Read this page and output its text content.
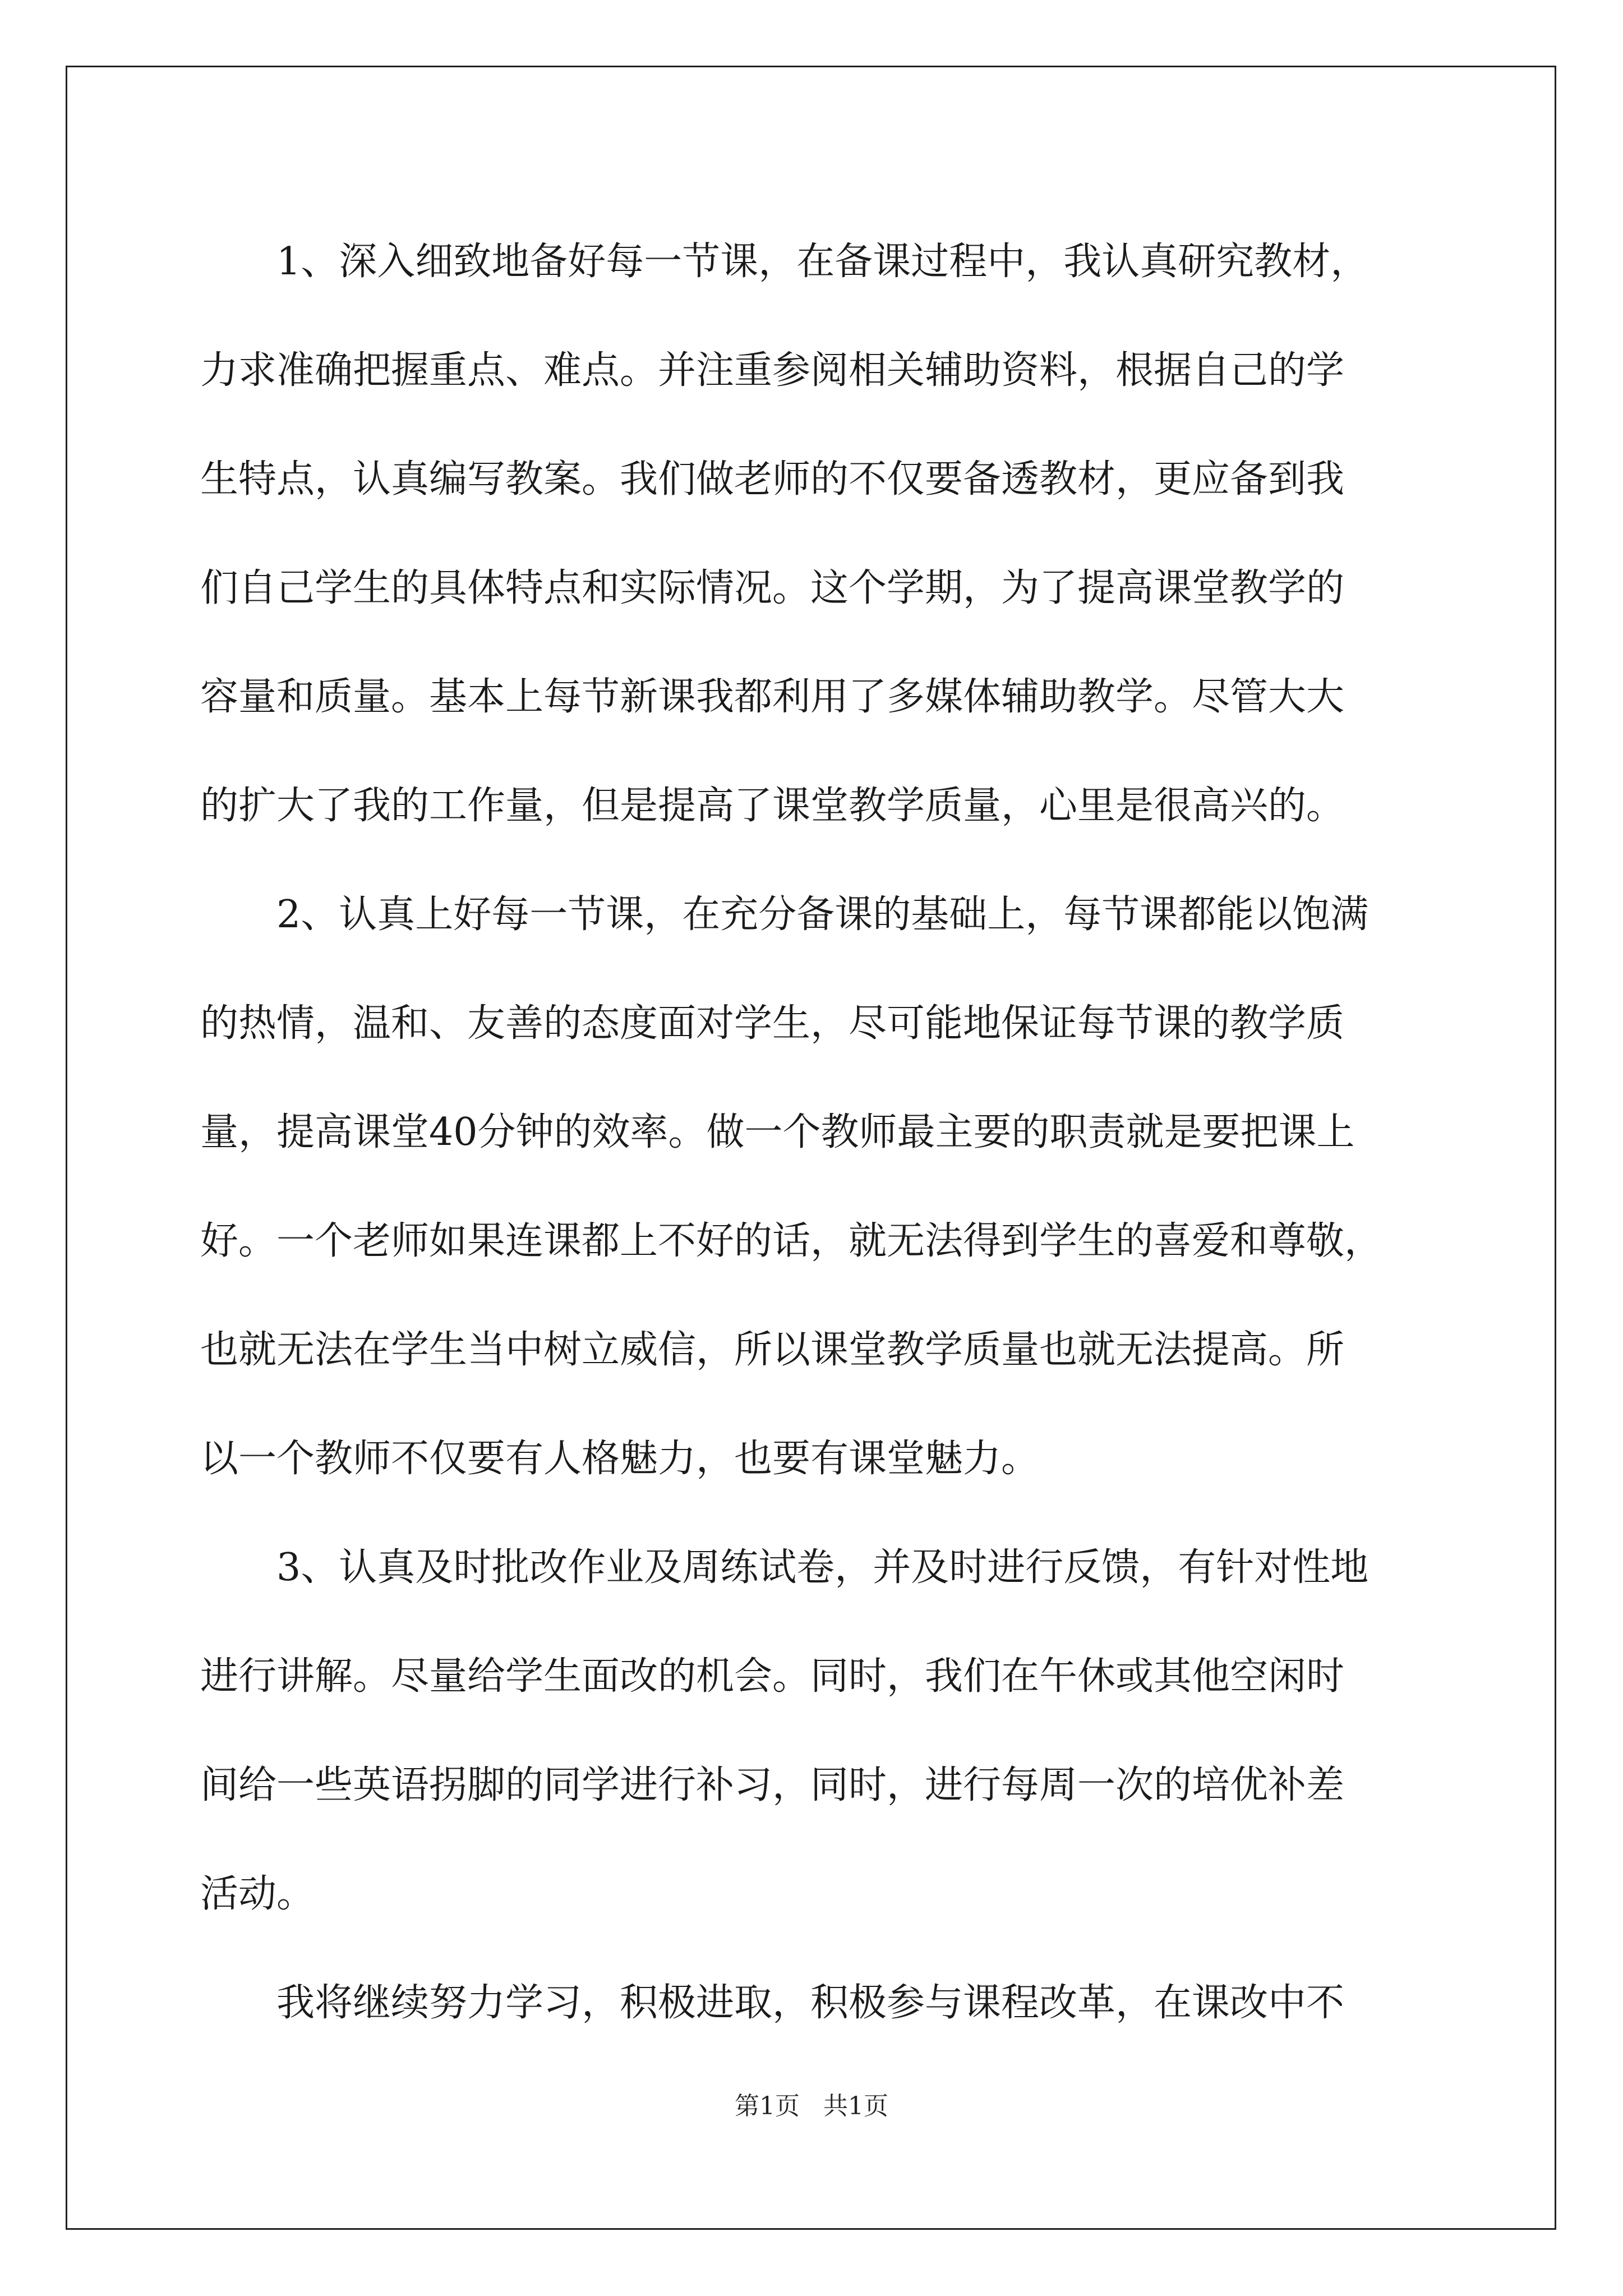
1、深入细致地备好每一节课，在备课过程中，我认真研究教材，
力求准确把握重点、难点。并注重参阅相关辅助资料，根据自己的学
生特点，认真编写教案。我们做老师的不仅要备透教材，更应备到我
们自己学生的具体特点和实际情况。这个学期，为了提高课堂教学的
容量和质量。基本上每节新课我都利用了多媒体辅助教学。尽管大大
的扩大了我的工作量，但是提高了课堂教学质量，心里是很高兴的。

2、认真上好每一节课，在充分备课的基础上，每节课都能以饱满
的热情，温和、友善的态度面对学生，尽可能地保证每节课的教学质
量，提高课堂40分钟的效率。做一个教师最主要的职责就是要把课上
好。一个老师如果连课都上不好的话，就无法得到学生的喜爱和尊敬，
也就无法在学生当中树立威信，所以课堂教学质量也就无法提高。所
以一个教师不仅要有人格魅力，也要有课堂魅力。

3、认真及时批改作业及周练试卷，并及时进行反馈，有针对性地
进行讲解。尽量给学生面改的机会。同时，我们在午休或其他空闲时
间给一些英语拐脚的同学进行补习，同时，进行每周一次的培优补差
活动。

我将继续努力学习，积极进取，积极参与课程改革，在课改中不

第1页   共1页
